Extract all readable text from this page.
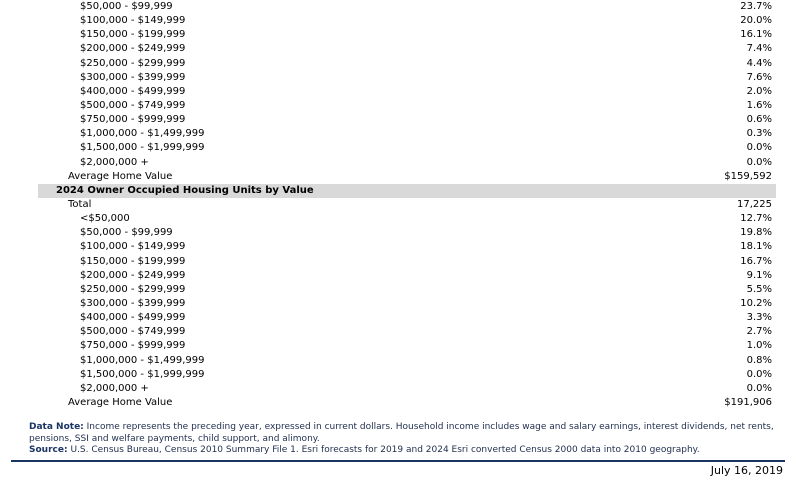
$50,000 - $99,999	23.7%
$100,000 - $149,999	20.0%
$150,000 - $199,999	16.1%
$200,000 - $249,999	7.4%
$250,000 - $299,999	4.4%
$300,000 - $399,999	7.6%
$400,000 - $499,999	2.0%
$500,000 - $749,999	1.6%
$750,000 - $999,999	0.6%
$1,000,000 - $1,499,999	0.3%
$1,500,000 - $1,999,999	0.0%
$2,000,000 +	0.0%
Average Home Value	$159,592
2024 Owner Occupied Housing Units by Value
Total	17,225
<$50,000	12.7%
$50,000 - $99,999	19.8%
$100,000 - $149,999	18.1%
$150,000 - $199,999	16.7%
$200,000 - $249,999	9.1%
$250,000 - $299,999	5.5%
$300,000 - $399,999	10.2%
$400,000 - $499,999	3.3%
$500,000 - $749,999	2.7%
$750,000 - $999,999	1.0%
$1,000,000 - $1,499,999	0.8%
$1,500,000 - $1,999,999	0.0%
$2,000,000 +	0.0%
Average Home Value	$191,906
Data Note: Income represents the preceding year, expressed in current dollars. Household income includes wage and salary earnings, interest dividends, net rents, pensions, SSI and welfare payments, child support, and alimony.
Source: U.S. Census Bureau, Census 2010 Summary File 1. Esri forecasts for 2019 and 2024 Esri converted Census 2000 data into 2010 geography.
July 16, 2019
